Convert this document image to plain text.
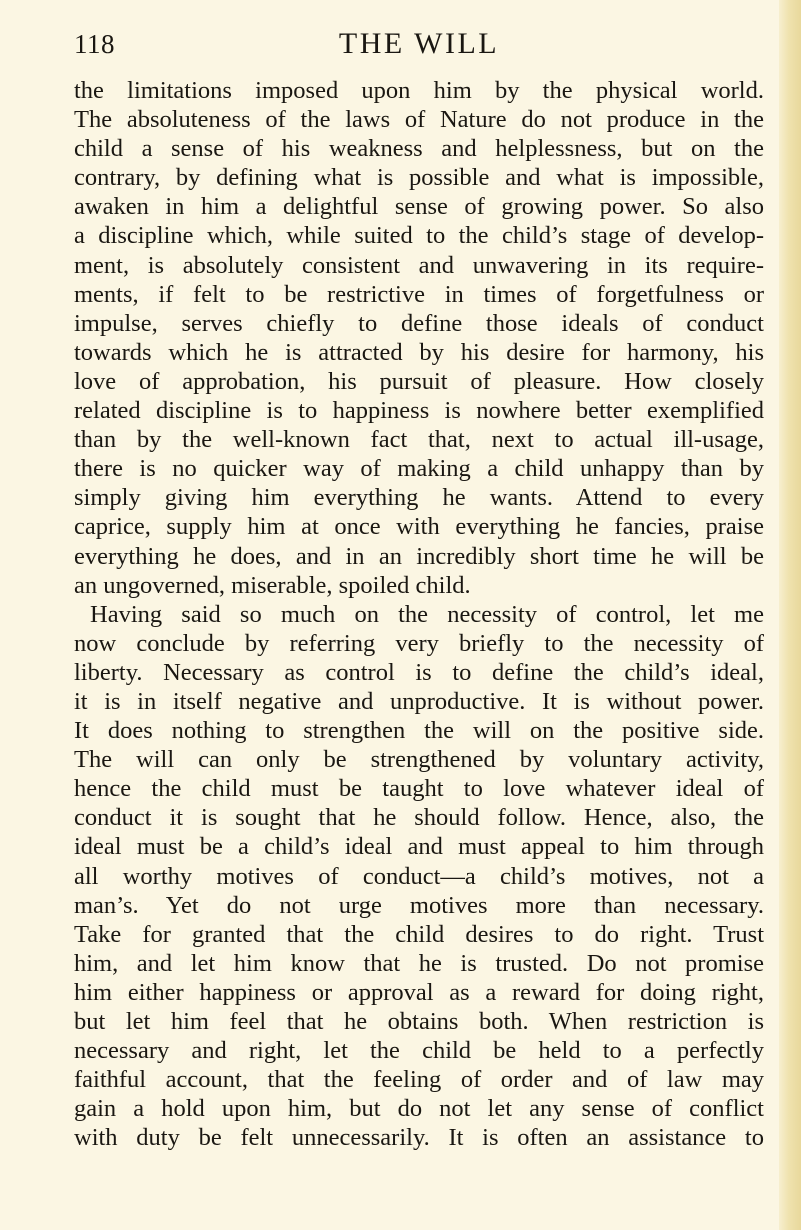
THE WILL
118
the limitations imposed upon him by the physical world.
The absoluteness of the laws of Nature do not produce in the
child a sense of his weakness and helplessness, but on the
contrary, by defining what is possible and what is impossible,
awaken in him a delightful sense of growing power. So also
a discipline which, while suited to the child’s stage of develop-
ment, is absolutely consistent and unwavering in its require-
ments, if felt to be restrictive in times of forgetfulness or
impulse, serves chiefly to define those ideals of conduct
towards which he is attracted by his desire for harmony, his
love of approbation, his pursuit of pleasure. How closely
related discipline is to happiness is nowhere better exemplified
than by the well-known fact that, next to actual ill-usage,
there is no quicker way of making a child unhappy than by
simply giving him everything he wants. Attend to every
caprice, supply him at once with everything he fancies, praise
everything he does, and in an incredibly short time he will be
an ungoverned, miserable, spoiled child.
Having said so much on the necessity of control, let me
now conclude by referring very briefly to the necessity of
liberty. Necessary as control is to define the child’s ideal,
it is in itself negative and unproductive. It is without power.
It does nothing to strengthen the will on the positive side.
The will can only be strengthened by voluntary activity,
hence the child must be taught to love whatever ideal of
conduct it is sought that he should follow. Hence, also, the
ideal must be a child’s ideal and must appeal to him through
all worthy motives of conduct—a child’s motives, not a
man’s. Yet do not urge motives more than necessary.
Take for granted that the child desires to do right. Trust
him, and let him know that he is trusted. Do not promise
him either happiness or approval as a reward for doing right,
but let him feel that he obtains both. When restriction is
necessary and right, let the child be held to a perfectly
faithful account, that the feeling of order and of law may
gain a hold upon him, but do not let any sense of conflict
with duty be felt unnecessarily. It is often an assistance to
